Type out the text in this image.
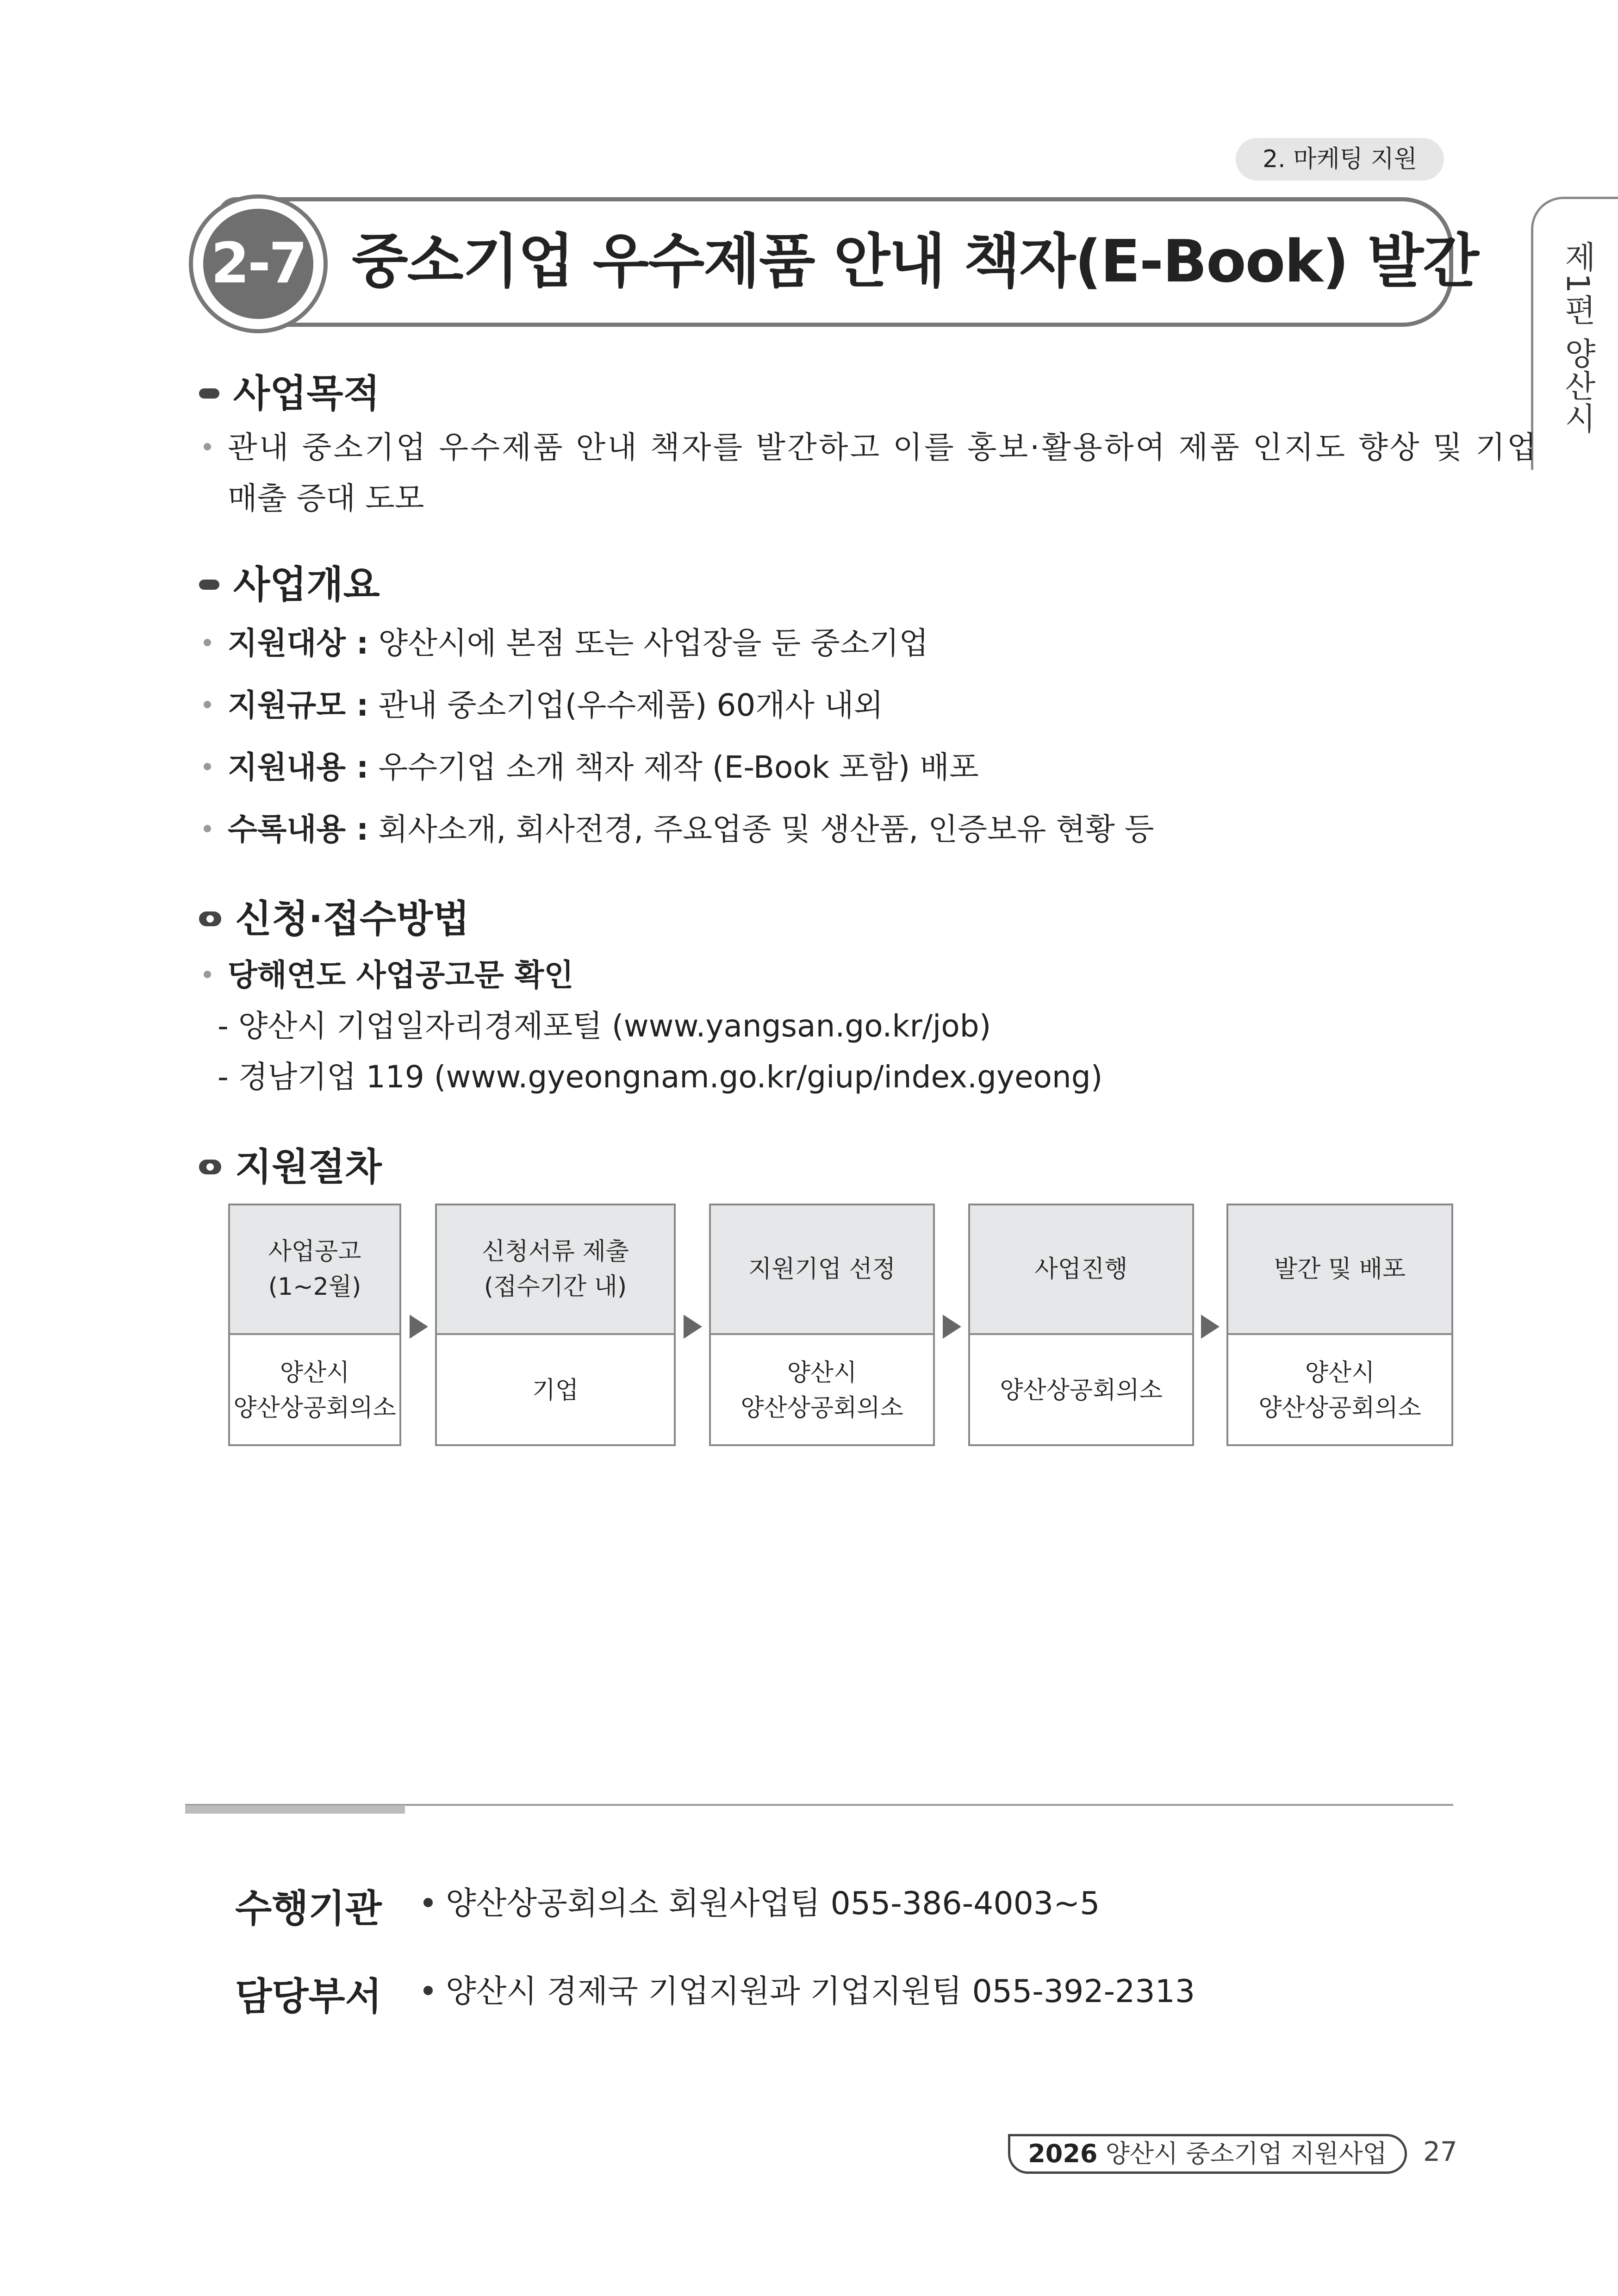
2. 마케팅 지원
제1편 양산시
2-7 중소기업 우수제품 안내 책자(E-Book) 발간
사업목적
관내 중소기업 우수제품 안내 책자를 발간하고 이를 홍보·활용하여 제품 인지도 향상 및 기업
매출 증대 도모
사업개요
지원대상 : 양산시에 본점 또는 사업장을 둔 중소기업
지원규모 : 관내 중소기업(우수제품) 60개사 내외
지원내용 : 우수기업 소개 책자 제작 (E-Book 포함) 배포
수록내용 : 회사소개, 회사전경, 주요업종 및 생산품, 인증보유 현황 등
신청·접수방법
당해연도 사업공고문 확인
- 양산시 기업일자리경제포털 (www.yangsan.go.kr/job)
- 경남기업 119 (www.gyeongnam.go.kr/giup/index.gyeong)
지원절차
사업공고
(1~2월)
양산시
양산상공회의소
신청서류 제출
(접수기간 내)
기업
지원기업 선정
양산시
양산상공회의소
사업진행
양산상공회의소
발간 및 배포
양산시
양산상공회의소
수행기관	양산상공회의소 회원사업팀 055-386-4003~5
담당부서	양산시 경제국 기업지원과 기업지원팀 055-392-2313
2026 양산시 중소기업 지원사업	27
